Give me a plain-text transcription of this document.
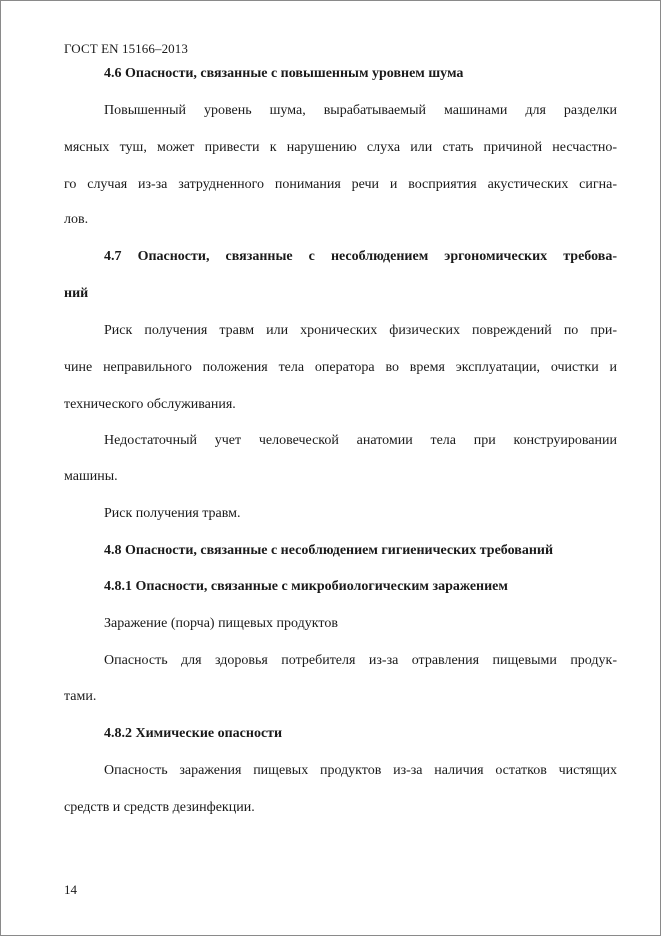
ГОСТ EN 15166–2013
4.6 Опасности, связанные с повышенным уровнем шума
Повышенный уровень шума, вырабатываемый машинами для разделки
мясных туш, может привести к нарушению слуха или стать причиной несчастно-
го случая из-за затрудненного понимания речи и восприятия акустических сигна-
лов.
4.7 Опасности, связанные с несоблюдением эргономических требова-
ний
Риск получения травм или хронических физических повреждений по при-
чине неправильного положения тела оператора во время эксплуатации, очистки и
технического обслуживания.
Недостаточный учет человеческой анатомии тела при конструировании
машины.
Риск получения травм.
4.8 Опасности, связанные с несоблюдением гигиенических требований
4.8.1 Опасности, связанные с микробиологическим заражением
Заражение (порча) пищевых продуктов
Опасность для здоровья потребителя из-за отравления пищевыми продук-
тами.
4.8.2 Химические опасности
Опасность заражения пищевых продуктов из-за наличия остатков чистящих
средств и средств дезинфекции.
14
